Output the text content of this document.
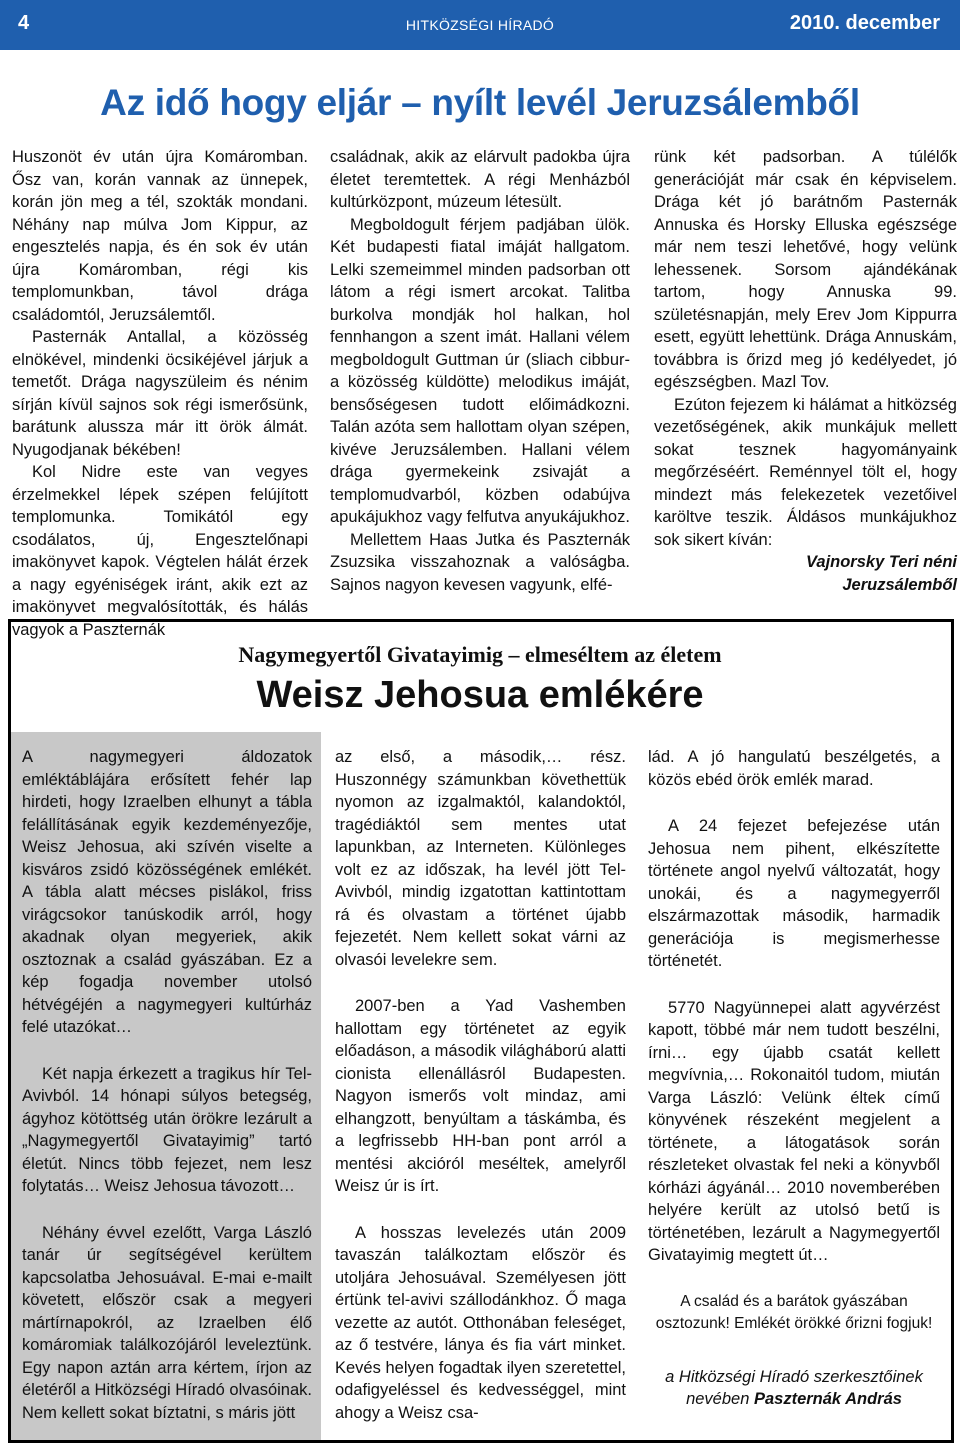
4	HITKÖZSÉGI HÍRADÓ	2010. december
Az idő hogy eljár – nyílt levél Jeruzsálemből

Huszonöt év után újra Komáromban. Ősz van, korán vannak az ünnepek, korán jön meg a tél, szokták mondani. Néhány nap múlva Jom Kippur, az engesztelés napja, és én sok év után újra Komáromban, régi kis templomunkban, távol drága családomtól, Jeruzsálemtől.

Pasternák Antallal, a közösség elnökével, mindenki öcsikéjével járjuk a temetőt. Drága nagyszüleim és nénim sírján kívül sajnos sok régi ismerősünk, barátunk alussza már itt örök álmát. Nyugodjanak békében!

Kol Nidre este van vegyes érzelmekkel lépek szépen felújított templomunka. Tomikától egy csodálatos, új, Engesztelőnapi imakönyvet kapok. Végtelen hálát érzek a nagy egyéniségek iránt, akik ezt az imakönyvet megvalósították, és hálás vagyok a Paszternák

családnak, akik az elárvult padokba újra életet teremtettek. A régi Menházból kultúrközpont, múzeum létesült.

Megboldogult férjem padjában ülök. Két budapesti fiatal imáját hallgatom. Lelki szemeimmel minden padsorban ott látom a régi ismert arcokat. Talitba burkolva mondják hol halkan, hol fennhangon a szent imát. Hallani vélem megboldogult Guttman úr (sliach cibbur-a közösség küldötte) melodikus imáját, bensőségesen tudott előimádkozni. Talán azóta sem hallottam olyan szépen, kivéve Jeruzsálemben. Hallani vélem drága gyermekeink zsivaját a templomudvarból, közben odabújva apukájukhoz vagy felfutva anyukájukhoz.

Mellettem Haas Jutka és Paszternák Zsuzsika visszahoznak a valóságba. Sajnos nagyon kevesen vagyunk, elfé-

rünk két padsorban. A túlélők generációját már csak én képviselem. Drága két jó barátnőm Pasternák Annuska és Horsky Elluska egészsége már nem teszi lehetővé, hogy velünk lehessenek. Sorsom ajándékának tartom, hogy Annuska 99. születésnapján, mely Erev Jom Kippurra esett, együtt lehettünk. Drága Annuskám, továbbra is őrizd meg jó kedélyedet, jó egészségben. Mazl Tov.

Ezúton fejezem ki hálámat a hitközség vezetőségének, akik munkájuk mellett sokat tesznek hagyományaink megőrzéséért. Reménnyel tölt el, hogy mindezt más felekezetek vezetőivel karöltve teszik. Áldásos munkájukhoz sok sikert kíván:

Vajnorsky Teri néni

Jeruzsálemből

Nagymegyertől Givatayimig – elmeséltem az életem
Weisz Jehosua emlékére

A nagymegyeri áldozatok emléktáblájára erősített fehér lap hirdeti, hogy Izraelben elhunyt a tábla felállításának egyik kezdeményezője, Weisz Jehosua, aki szívén viselte a kisváros zsidó közösségének emlékét. A tábla alatt mécses pislákol, friss virágcsokor tanúskodik arról, hogy akadnak olyan megyeriek, akik osztoznak a család gyászában. Ez a kép fogadja november utolsó hétvégéjén a nagymegyeri kultúrház felé utazókat…

Két napja érkezett a tragikus hír Tel-Avivból. 14 hónapi súlyos betegség, ágyhoz kötöttség után örökre lezárult a „Nagymegyertől Givatayimig” tartó életút. Nincs több fejezet, nem lesz folytatás… Weisz Jehosua távozott…

Néhány évvel ezelőtt, Varga László tanár úr segítségével kerültem kapcsolatba Jehosuával. E-mai e-mailt követett, először csak a megyeri mártírnapokról, az Izraelben élő komáromiak találkozójáról leveleztünk. Egy napon aztán arra kértem, írjon az életéről a Hitközségi Híradó olvasóinak. Nem kellett sokat bíztatni, s máris jött

az első, a második,… rész. Huszonnégy számunkban követhettük nyomon az izgalmaktól, kalandoktól, tragédiáktól sem mentes utat lapunkban, az Interneten. Különleges volt ez az időszak, ha levél jött Tel-Avivból, mindig izgatottan kattintottam rá és olvastam a történet újabb fejezetét. Nem kellett sokat várni az olvasói levelekre sem.

2007-ben a Yad Vashemben hallottam egy történetet az egyik előadáson, a második világháború alatti cionista ellenállásról Budapesten. Nagyon ismerős volt mindaz, ami elhangzott, benyúltam a táskámba, és a legfrissebb HH-ban pont arról a mentési akcióról meséltek, amelyről Weisz úr is írt.

A hosszas levelezés után 2009 tavaszán találkoztam először és utoljára Jehosuával. Személyesen jött értünk tel-avivi szállodánkhoz. Ő maga vezette az autót. Otthonában feleséget, az ő testvére, lánya és fia várt minket. Kevés helyen fogadtak ilyen szeretettel, odafigyeléssel és kedvességgel, mint ahogy a Weisz csa-

lád. A jó hangulatú beszélgetés, a közös ebéd örök emlék marad.

A 24 fejezet befejezése után Jehosua nem pihent, elkészítette története angol nyelvű változatát, hogy unokái, és a nagymegyerről elszármazottak második, harmadik generációja is megismerhesse történetét.

5770 Nagyünnepei alatt agyvérzést kapott, többé már nem tudott beszélni, írni… egy újabb csatát kellett megvívnia,… Rokonaitól tudom, miután Varga László: Velünk éltek című könyvének részeként megjelent a története, a látogatások során részleteket olvastak fel neki a könyvből kórházi ágyánál… 2010 novemberében helyére került az utolsó betű is történetében, lezárult a Nagymegyertől Givatayimig megtett út…

A család és a barátok gyászában osztozunk! Emlékét örökké őrizni fogjuk!

a Hitközségi Híradó szerkesztőinek nevében Paszternák András
